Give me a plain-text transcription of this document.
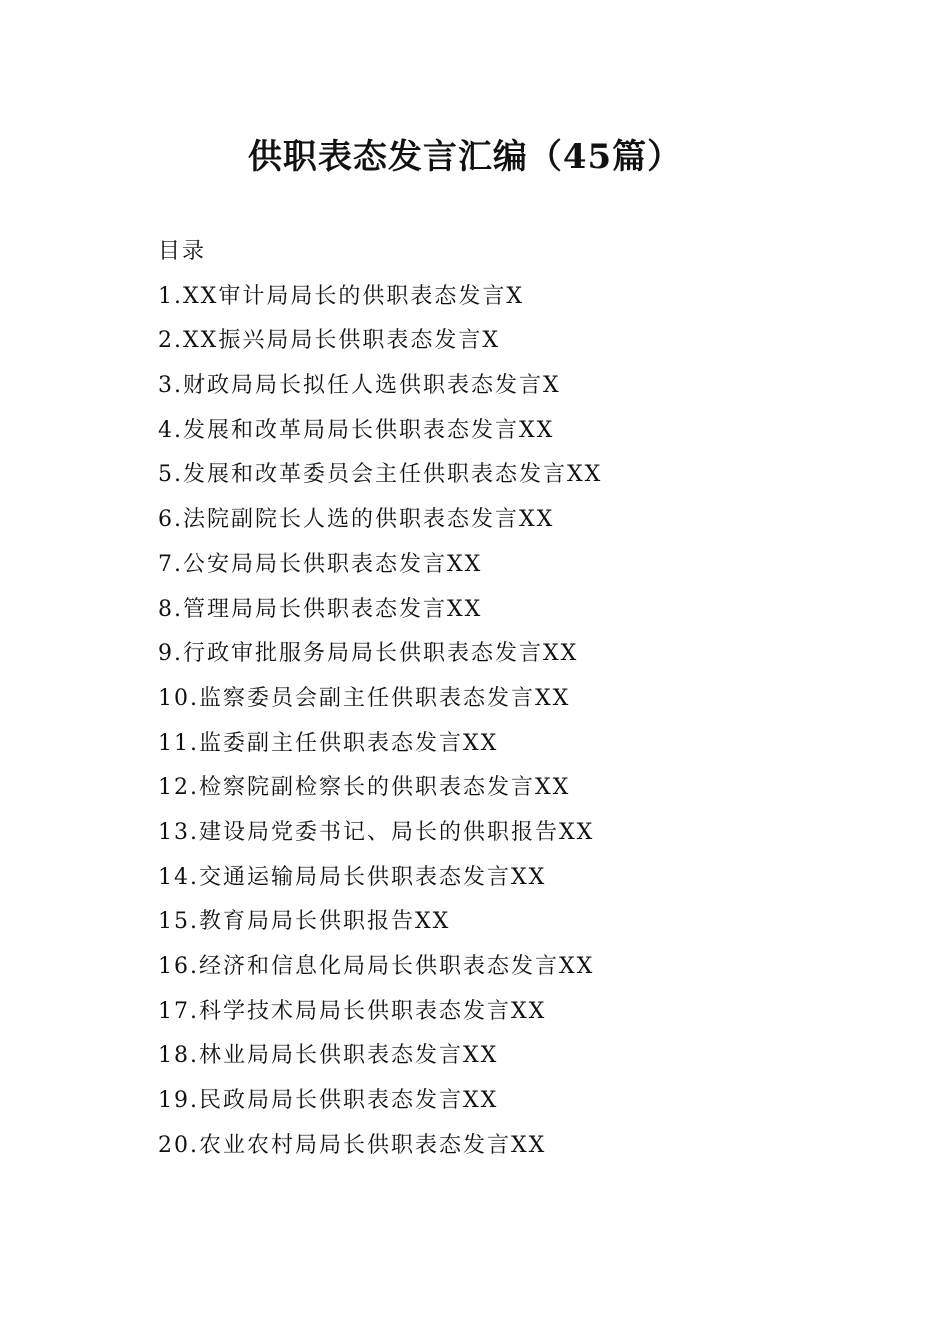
供职表态发言汇编（45篇）
目录
1.XX审计局局长的供职表态发言X
2.XX振兴局局长供职表态发言X
3.财政局局长拟任人选供职表态发言X
4.发展和改革局局长供职表态发言XX
5.发展和改革委员会主任供职表态发言XX
6.法院副院长人选的供职表态发言XX
7.公安局局长供职表态发言XX
8.管理局局长供职表态发言XX
9.行政审批服务局局长供职表态发言XX
10.监察委员会副主任供职表态发言XX
11.监委副主任供职表态发言XX
12.检察院副检察长的供职表态发言XX
13.建设局党委书记、局长的供职报告XX
14.交通运输局局长供职表态发言XX
15.教育局局长供职报告XX
16.经济和信息化局局长供职表态发言XX
17.科学技术局局长供职表态发言XX
18.林业局局长供职表态发言XX
19.民政局局长供职表态发言XX
20.农业农村局局长供职表态发言XX
